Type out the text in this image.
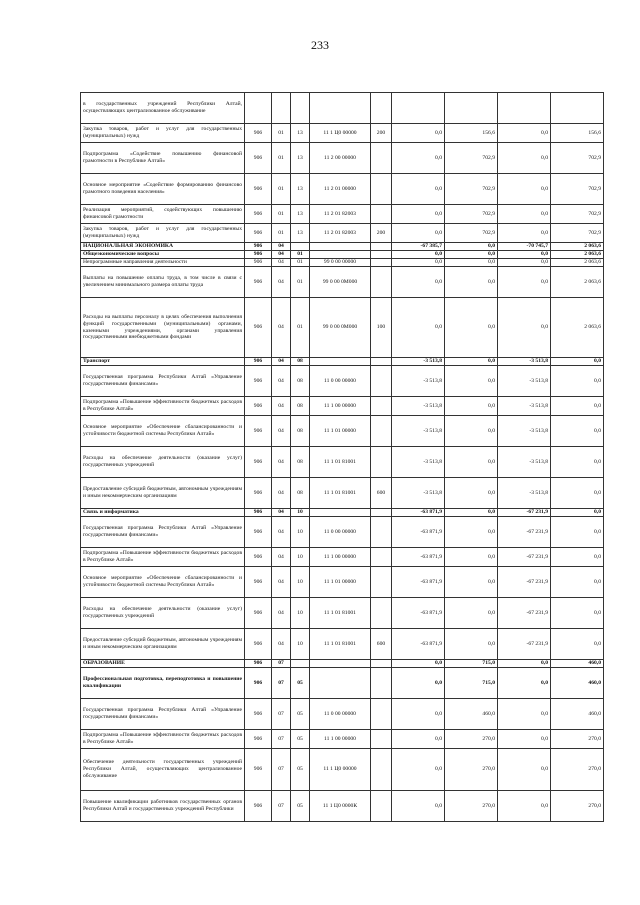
233
в государственных учреждений Республики Алтай, осуществляющих централизованное обслуживание									
Закупка товаров, работ и услуг для государственных (муниципальных) нужд	906	01	13	11 1 Ц0 00000	200	0,0	156,6	0,0	156,6
Подпрограмма «Содействие повышению финансовой грамотности в Республике Алтай»	906	01	13	11 2 00 00000		0,0	702,9	0,0	702,9
Основное мероприятие «Содействие формированию финансово грамотного поведения населения»	906	01	13	11 2 01 00000		0,0	702,9	0,0	702,9
Реализация мероприятий, содействующих повышению финансовой грамотности	906	01	13	11 2 01 82003		0,0	702,9	0,0	702,9
Закупка товаров, работ и услуг для государственных (муниципальных) нужд	906	01	13	11 2 01 82003	200	0,0	702,9	0,0	702,9
НАЦИОНАЛЬНАЯ ЭКОНОМИКА	906	04				-67 385,7	0,0	-70 745,7	2 063,6
Общеэкономические вопросы	906	04	01			0,0	0,0	0,0	2 063,6
Непрограммные направления деятельности	906	04	01	99 0 00 00000		0,0	0,0	0,0	2 063,6
Выплаты на повышение оплаты труда, в том числе в связи с увеличением минимального размера оплаты труда	906	04	01	99 0 00 0М000		0,0	0,0	0,0	2 063,6
Расходы на выплаты персоналу в целях обеспечения выполнения функций государственными (муниципальными) органами, казенными учреждениями, органами управления государственными внебюджетными фондами	906	04	01	99 0 00 0М000	100	0,0	0,0	0,0	2 063,6
Транспорт	906	04	08			-3 513,8	0,0	-3 513,8	0,0
Государственная программа Республики Алтай «Управление государственными финансами»	906	04	08	11 0 00 00000		-3 513,8	0,0	-3 513,8	0,0
Подпрограмма «Повышение эффективности бюджетных расходов в Республике Алтай»	906	04	08	11 1 00 00000		-3 513,8	0,0	-3 513,8	0,0
Основное мероприятие «Обеспечение сбалансированности и устойчивости бюджетной системы Республики Алтай»	906	04	08	11 1 01 00000		-3 513,8	0,0	-3 513,8	0,0
Расходы на обеспечение деятельности (оказание услуг) государственных учреждений	906	04	08	11 1 01 81001		-3 513,8	0,0	-3 513,8	0,0
Предоставление субсидий бюджетным, автономным учреждениям и иным некоммерческим организациям	906	04	08	11 1 01 81001	600	-3 513,8	0,0	-3 513,8	0,0
Связь и информатика	906	04	10			-63 871,9	0,0	-67 231,9	0,0
Государственная программа Республики Алтай «Управление государственными финансами»	906	04	10	11 0 00 00000		-63 871,9	0,0	-67 231,9	0,0
Подпрограмма «Повышение эффективности бюджетных расходов в Республике Алтай»	906	04	10	11 1 00 00000		-63 871,9	0,0	-67 231,9	0,0
Основное мероприятие «Обеспечение сбалансированности и устойчивости бюджетной системы Республики Алтай»	906	04	10	11 1 01 00000		-63 871,9	0,0	-67 231,9	0,0
Расходы на обеспечение деятельности (оказание услуг) государственных учреждений	906	04	10	11 1 01 81001		-63 871,9	0,0	-67 231,9	0,0
Предоставление субсидий бюджетным, автономным учреждениям и иным некоммерческим организациям	906	04	10	11 1 01 81001	600	-63 871,9	0,0	-67 231,9	0,0
ОБРАЗОВАНИЕ	906	07				0,0	715,0	0,0	460,0
Профессиональная подготовка, переподготовка и повышение квалификации	906	07	05			0,0	715,0	0,0	460,0
Государственная программа Республики Алтай «Управление государственными финансами»	906	07	05	11 0 00 00000		0,0	460,0	0,0	460,0
Подпрограмма «Повышение эффективности бюджетных расходов в Республике Алтай»	906	07	05	11 1 00 00000		0,0	270,0	0,0	270,0
Обеспечение деятельности государственных учреждений Республики Алтай, осуществляющих централизованное обслуживание	906	07	05	11 1 Ц0 00000		0,0	270,0	0,0	270,0
Повышение квалификации работников государственных органов Республики Алтай и государственных учреждений Республики	906	07	05	11 1 Ц0 0000К		0,0	270,0	0,0	270,0
